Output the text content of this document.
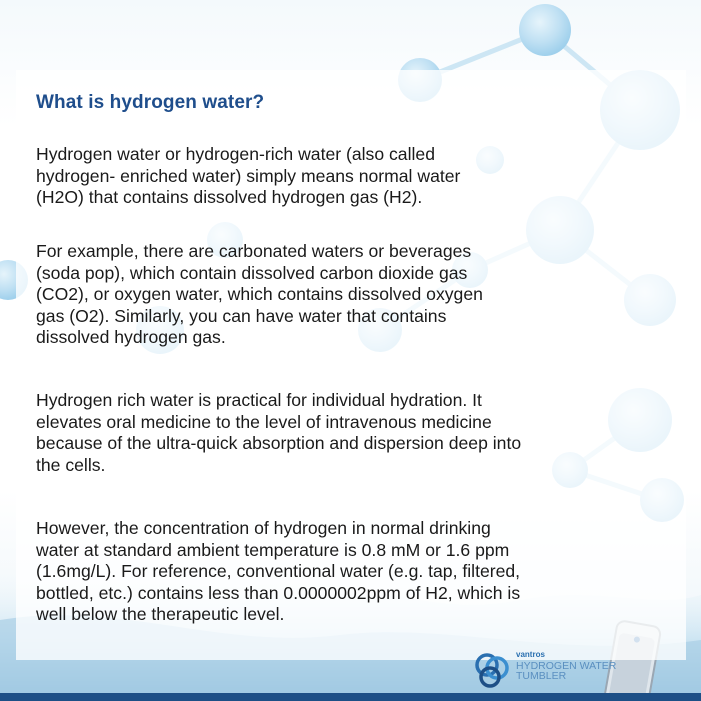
What is hydrogen water?

Hydrogen water or hydrogen-rich water (also called
hydrogen- enriched water) simply means normal water
(H2O) that contains dissolved hydrogen gas (H2).

For example, there are carbonated waters or beverages
(soda pop), which contain dissolved carbon dioxide gas
(CO2), or oxygen water, which contains dissolved oxygen
gas (O2). Similarly, you can have water that contains
dissolved hydrogen gas.

Hydrogen rich water is practical for individual hydration. It
elevates oral medicine to the level of intravenous medicine
because of the ultra-quick absorption and dispersion deep into
the cells.

However, the concentration of hydrogen in normal drinking
water at standard ambient temperature is 0.8 mM or 1.6 ppm
(1.6mg/L). For reference, conventional water (e.g. tap, filtered,
bottled, etc.) contains less than 0.0000002ppm of H2, which is
well below the therapeutic level.

vantros
HYDROGEN WATER
TUMBLER
